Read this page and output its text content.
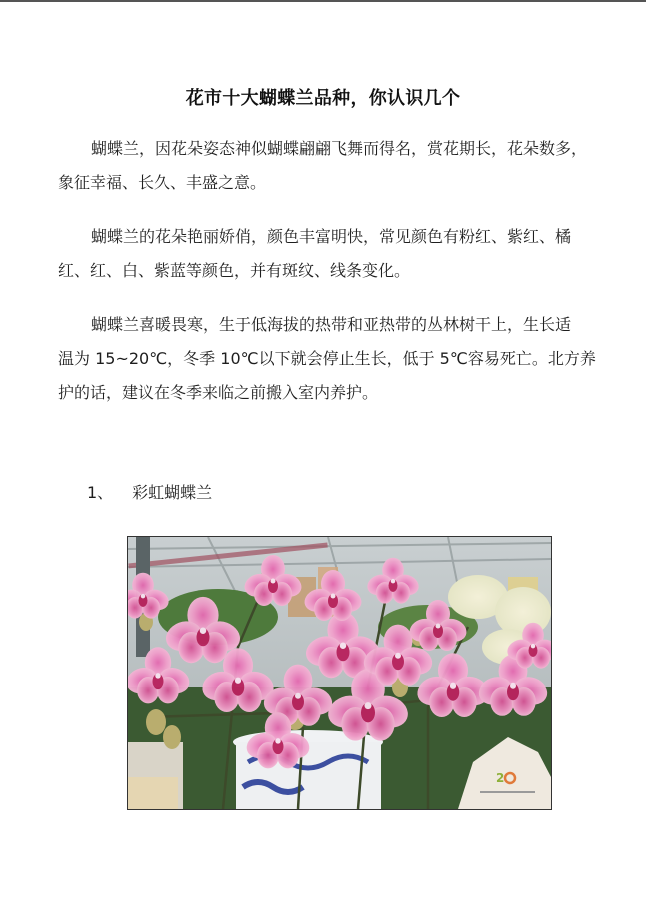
花市十大蝴蝶兰品种，你认识几个
蝴蝶兰，因花朵姿态神似蝴蝶翩翩飞舞而得名，赏花期长，花朵数多，
象征幸福、长久、丰盛之意。
蝴蝶兰的花朵艳丽娇俏，颜色丰富明快，常见颜色有粉红、紫红、橘
红、红、白、紫蓝等颜色，并有斑纹、线条变化。
蝴蝶兰喜暖畏寒，生于低海拔的热带和亚热带的丛林树干上，生长适
温为 15~20℃，冬季 10℃以下就会停止生长，低于 5℃容易死亡。北方养
护的话，建议在冬季来临之前搬入室内养护。
1、 彩虹蝴蝶兰
2
